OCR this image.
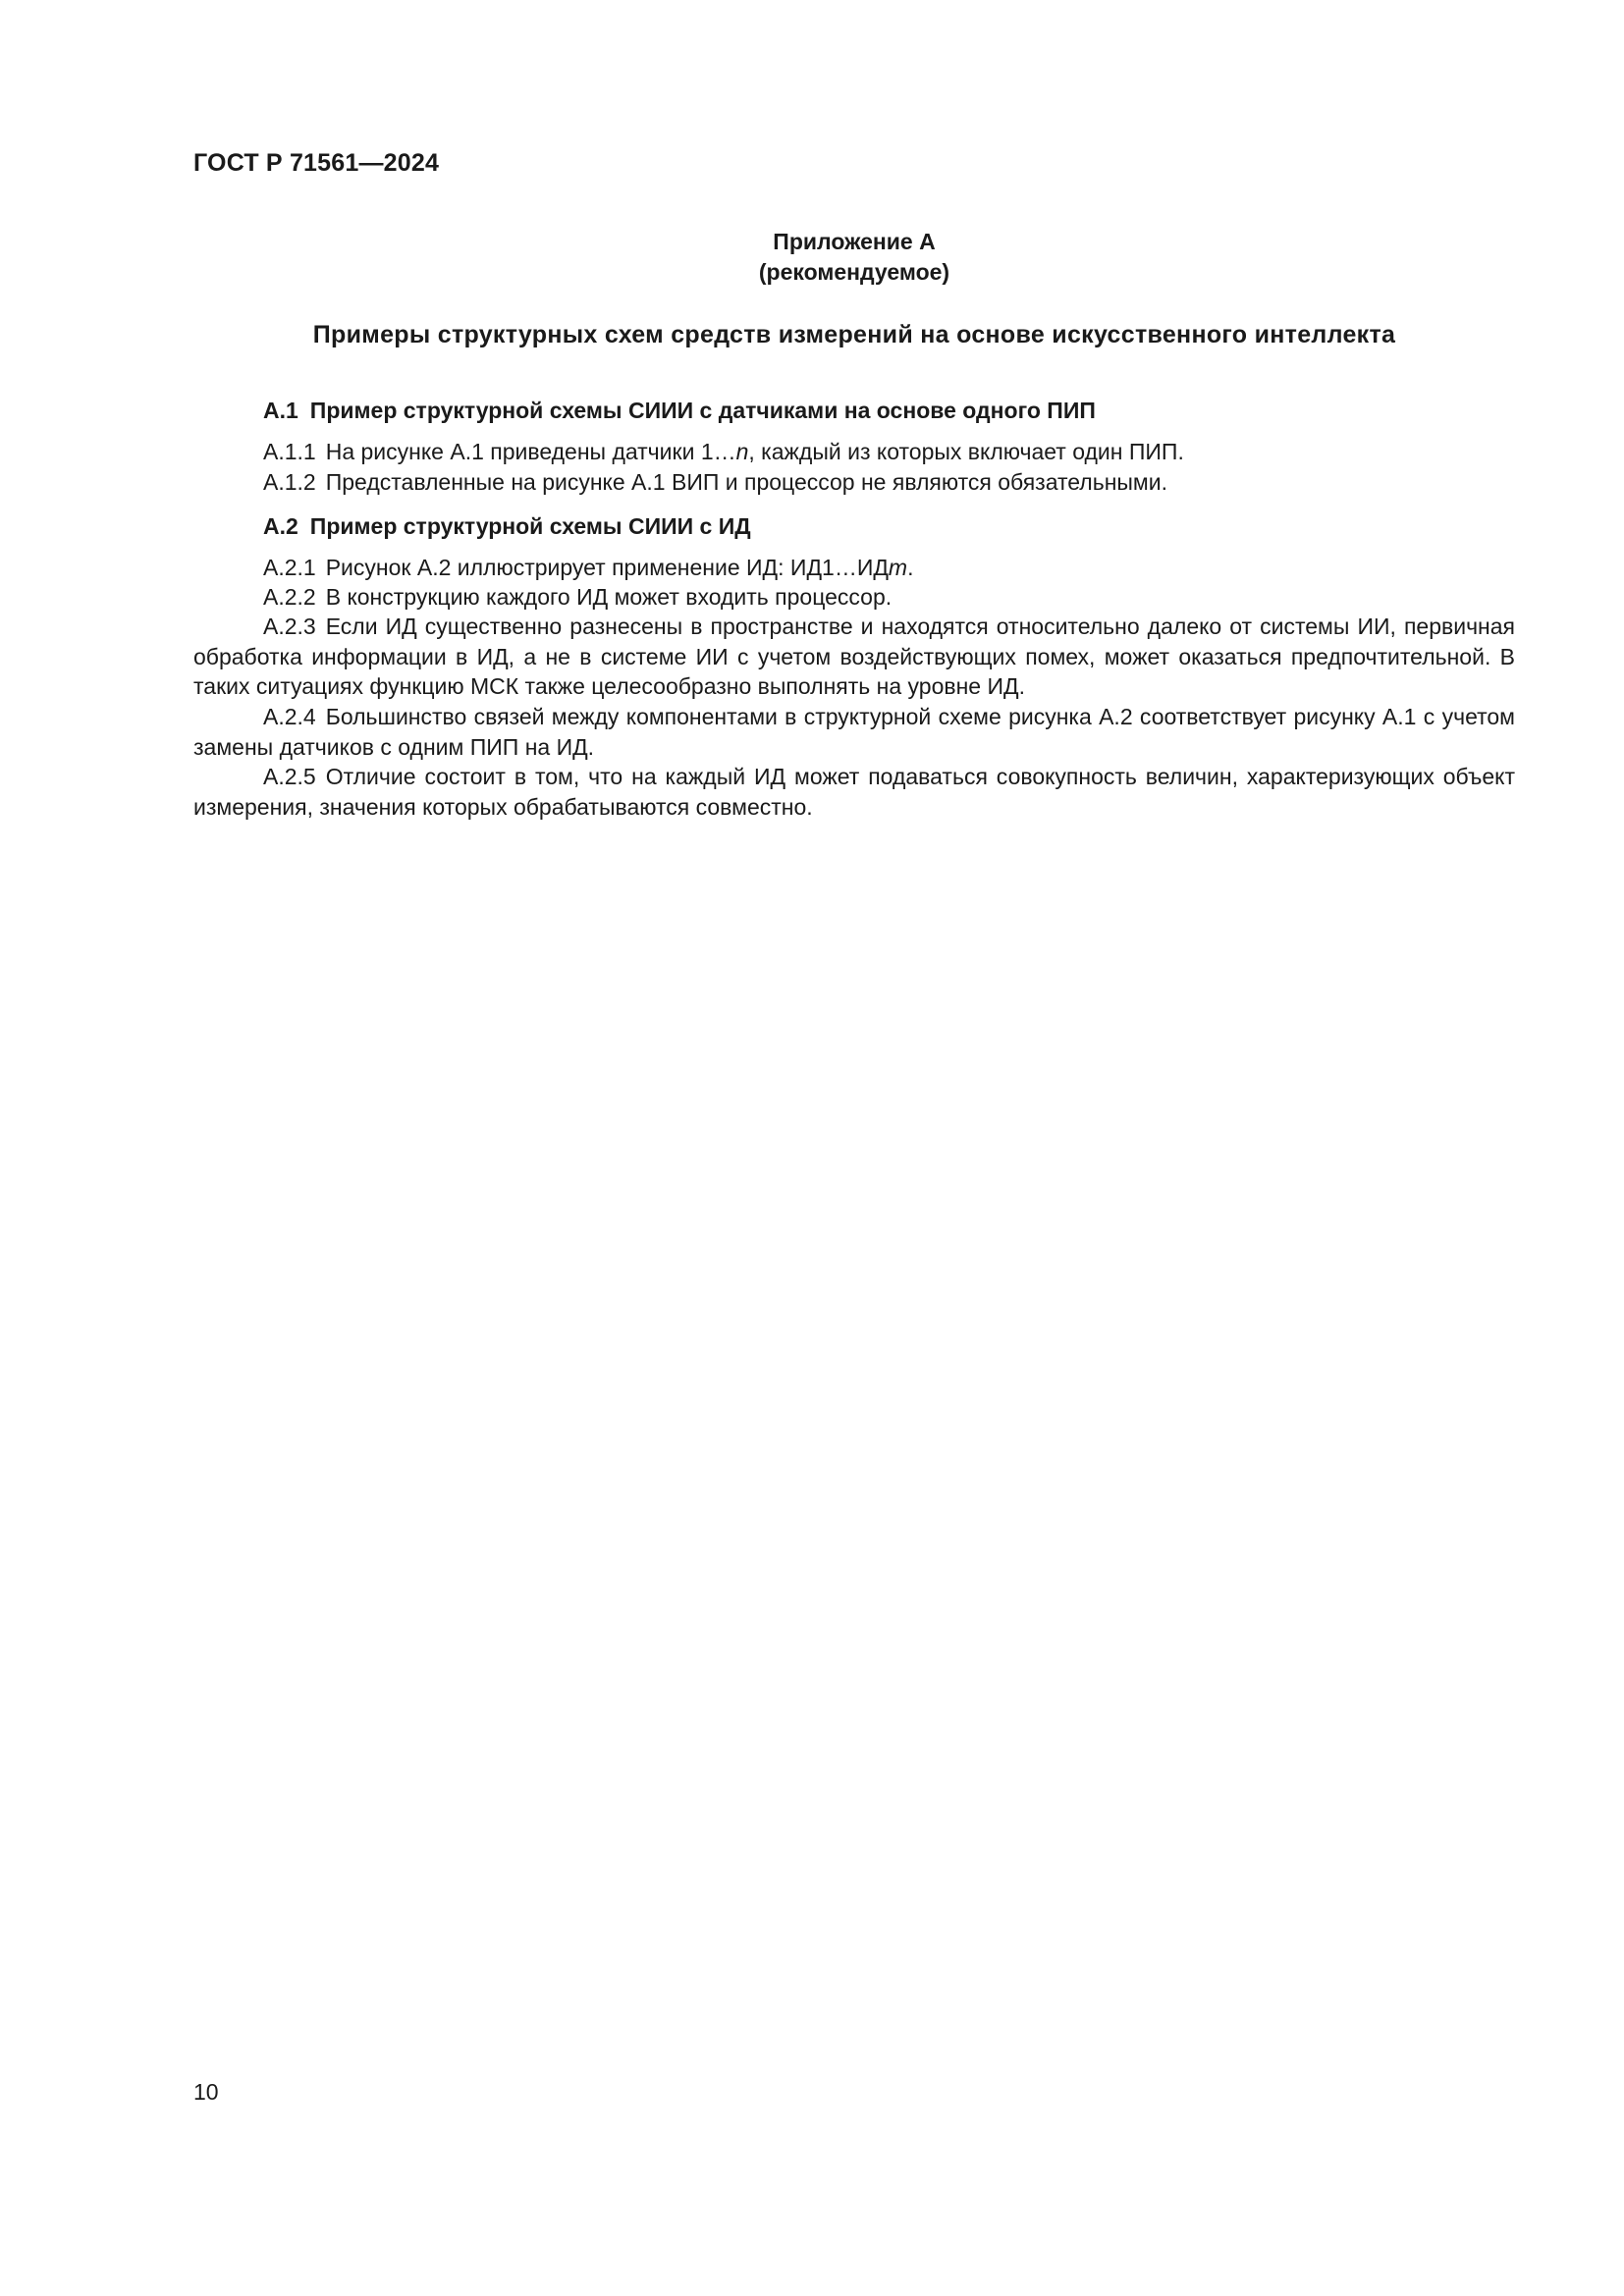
ГОСТ Р 71561—2024
Приложение А
(рекомендуемое)
Примеры структурных схем средств измерений на основе искусственного интеллекта
А.1 Пример структурной схемы СИИИ с датчиками на основе одного ПИП
А.1.1 На рисунке А.1 приведены датчики 1…n, каждый из которых включает один ПИП.
А.1.2 Представленные на рисунке А.1 ВИП и процессор не являются обязательными.
А.2 Пример структурной схемы СИИИ с ИД
А.2.1 Рисунок А.2 иллюстрирует применение ИД: ИД1…ИДm.
А.2.2 В конструкцию каждого ИД может входить процессор.
А.2.3 Если ИД существенно разнесены в пространстве и находятся относительно далеко от системы ИИ, первичная обработка информации в ИД, а не в системе ИИ с учетом воздействующих помех, может оказаться предпочтительной. В таких ситуациях функцию МСК также целесообразно выполнять на уровне ИД.
А.2.4 Большинство связей между компонентами в структурной схеме рисунка А.2 соответствует рисунку А.1 с учетом замены датчиков с одним ПИП на ИД.
А.2.5 Отличие состоит в том, что на каждый ИД может подаваться совокупность величин, характеризующих объект измерения, значения которых обрабатываются совместно.
10
